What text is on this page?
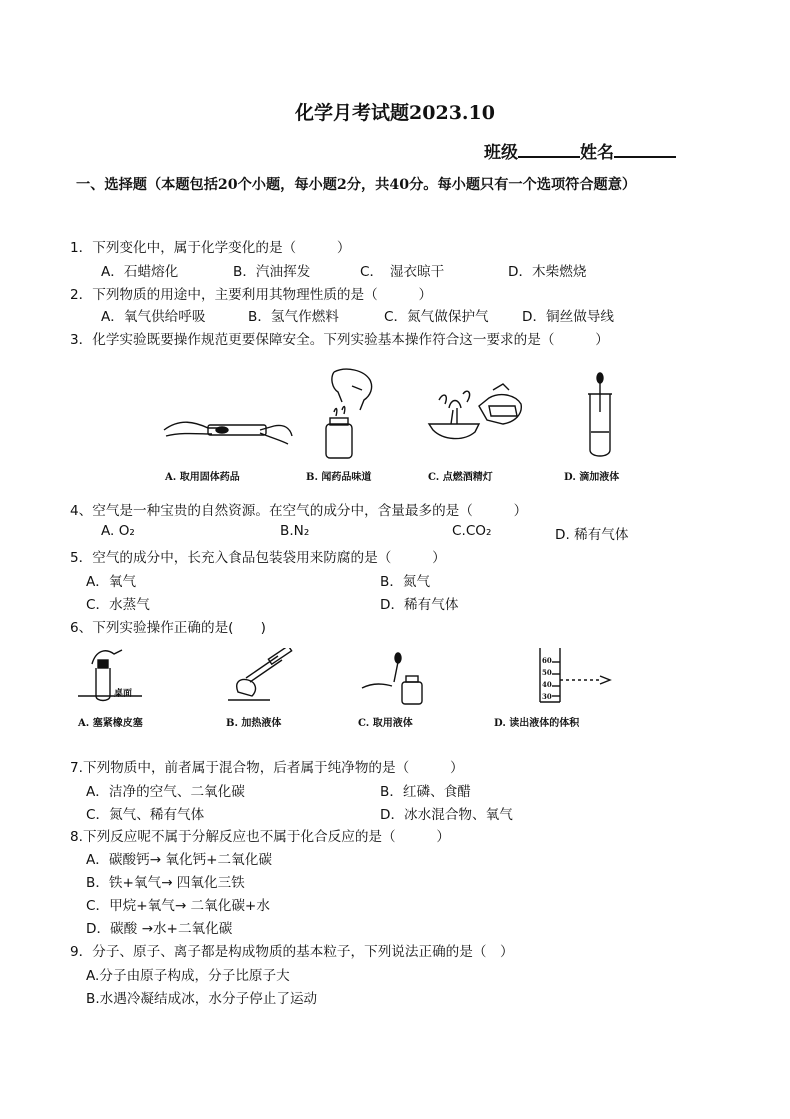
化学月考试题2023.10
班级	姓名
一、选择题（本题包括20个小题，每小题2分，共40分。每小题只有一个选项符合题意）
1．下列变化中，属于化学变化的是（　　　）
A．石蜡熔化	B．汽油挥发	C．　湿衣晾干	D．木柴燃烧
2．下列物质的用途中，主要利用其物理性质的是（　　　）
A．氧气供给呼吸	B．氢气作燃料	C．氮气做保护气 D．铜丝做导线
3．化学实验既要操作规范更要保障安全。下列实验基本操作符合这一要求的是（　　　）
A. 取用固体药品	B. 闻药品味道	C. 点燃酒精灯	D. 滴加液体
4、空气是一种宝贵的自然资源。在空气的成分中，含量最多的是（　　　）
A. O₂	B.N₂	C.CO₂	D. 稀有气体
5．空气的成分中，长充入食品包装袋用来防腐的是（　　　）
A．氧气	B．氮气
C．水蒸气	D．稀有气体
6、下列实验操作正确的是(　　)
桌面
A. 塞紧橡皮塞	B. 加热液体	C. 取用液体
60
50
40
30
D. 读出液体的体积
7.下列物质中，前者属于混合物，后者属于纯净物的是（　　　）
A．洁净的空气、二氧化碳	B．红磷、食醋
C．氮气、稀有气体	D．冰水混合物、氧气
8.下列反应呢不属于分解反应也不属于化合反应的是（　　　）
A．碳酸钙→ 氧化钙+二氧化碳
B．铁+氧气→ 四氧化三铁
C．甲烷+氧气→ 二氧化碳+水
D．碳酸 →水+二氧化碳
9．分子、原子、离子都是构成物质的基本粒子，下列说法正确的是（　）
A.分子由原子构成，分子比原子大
B.水遇冷凝结成冰，水分子停止了运动
